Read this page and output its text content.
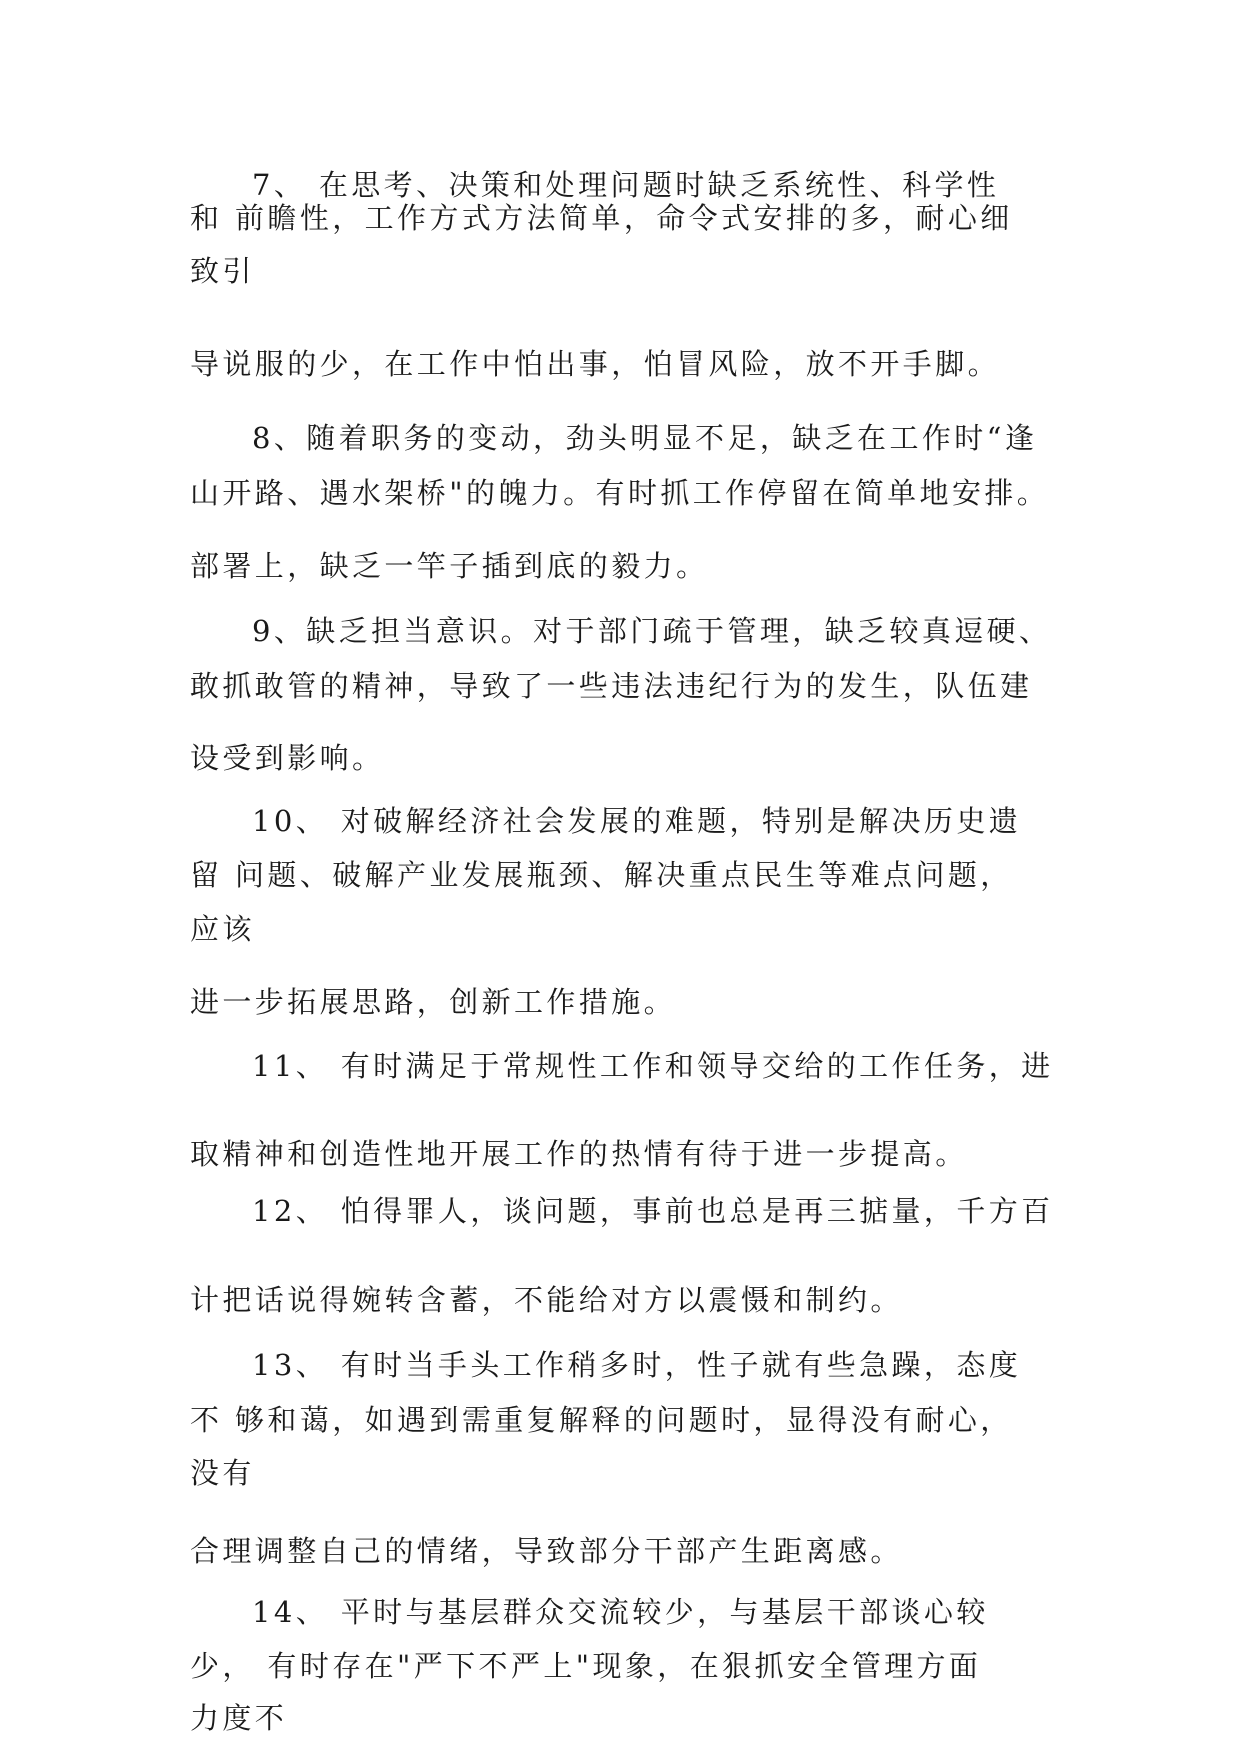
7、 在思考、决策和处理问题时缺乏系统性、科学性
和 前瞻性，工作方式方法简单，命令式安排的多，耐心细
致引
导说服的少，在工作中怕出事，怕冒风险，放不开手脚。
8、随着职务的变动，劲头明显不足，缺乏在工作时“逢
山开路、遇水架桥"的魄力。有时抓工作停留在简单地安排。
部署上，缺乏一竿子插到底的毅力。
9、缺乏担当意识。对于部门疏于管理，缺乏较真逗硬、
敢抓敢管的精神，导致了一些违法违纪行为的发生，队伍建
设受到影响。
10、 对破解经济社会发展的难题，特别是解决历史遗
留 问题、破解产业发展瓶颈、解决重点民生等难点问题，
应该
进一步拓展思路，创新工作措施。
11、 有时满足于常规性工作和领导交给的工作任务，进
取精神和创造性地开展工作的热情有待于进一步提高。
12、 怕得罪人，谈问题，事前也总是再三掂量，千方百
计把话说得婉转含蓄，不能给对方以震慑和制约。
13、 有时当手头工作稍多时，性子就有些急躁，态度
不 够和蔼，如遇到需重复解释的问题时，显得没有耐心，
没有
合理调整自己的情绪，导致部分干部产生距离感。
14、 平时与基层群众交流较少，与基层干部谈心较
少， 有时存在"严下不严上"现象，在狠抓安全管理方面
力度不
